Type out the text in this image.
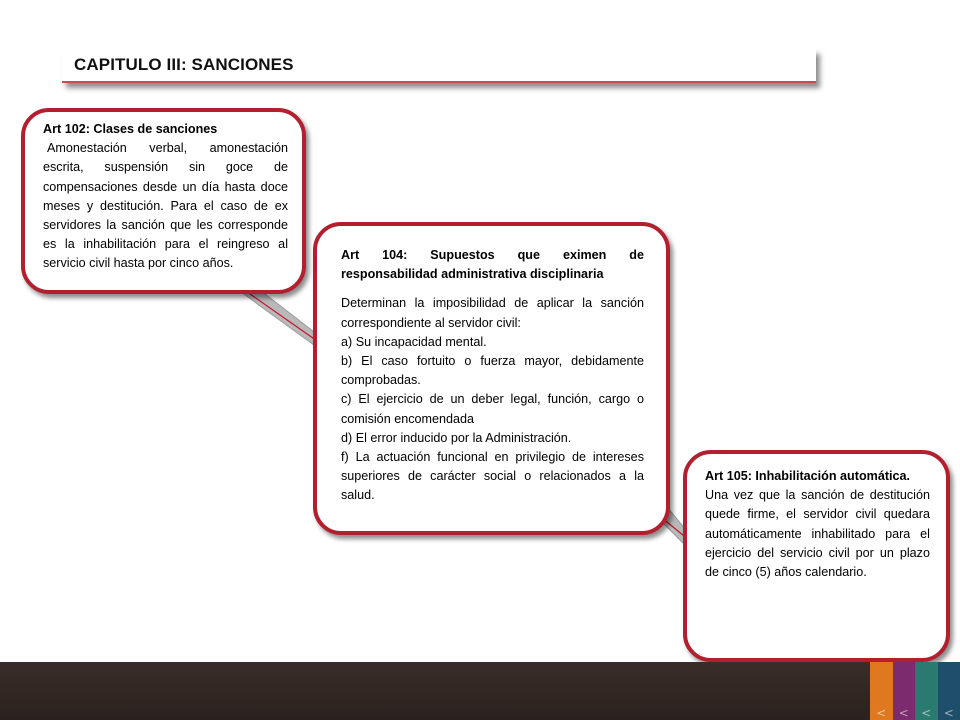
CAPITULO III: SANCIONES

Art 102: Clases de sanciones

Amonestación verbal, amonestación escrita, suspensión sin goce de compensaciones desde un día hasta doce meses y destitución. Para el caso de ex servidores la sanción que les corresponde es la inhabilitación para el reingreso al servicio civil hasta por cinco años.

Art 104: Supuestos que eximen de responsabilidad administrativa disciplinaria

Determinan la imposibilidad de aplicar la sanción correspondiente al servidor civil:

a) Su incapacidad mental.

b) El caso fortuito o fuerza mayor, debidamente comprobadas.

c) El ejercicio de un deber legal, función, cargo o comisión encomendada

d) El error inducido por la Administración.

f) La actuación funcional en privilegio de intereses superiores de carácter social o relacionados a la salud.

Art 105: Inhabilitación automática.

Una vez que la sanción de destitución quede firme, el servidor civil quedara automáticamente inhabilitado para el ejercicio del servicio civil por un plazo de cinco (5) años calendario.

<	<	<	<
